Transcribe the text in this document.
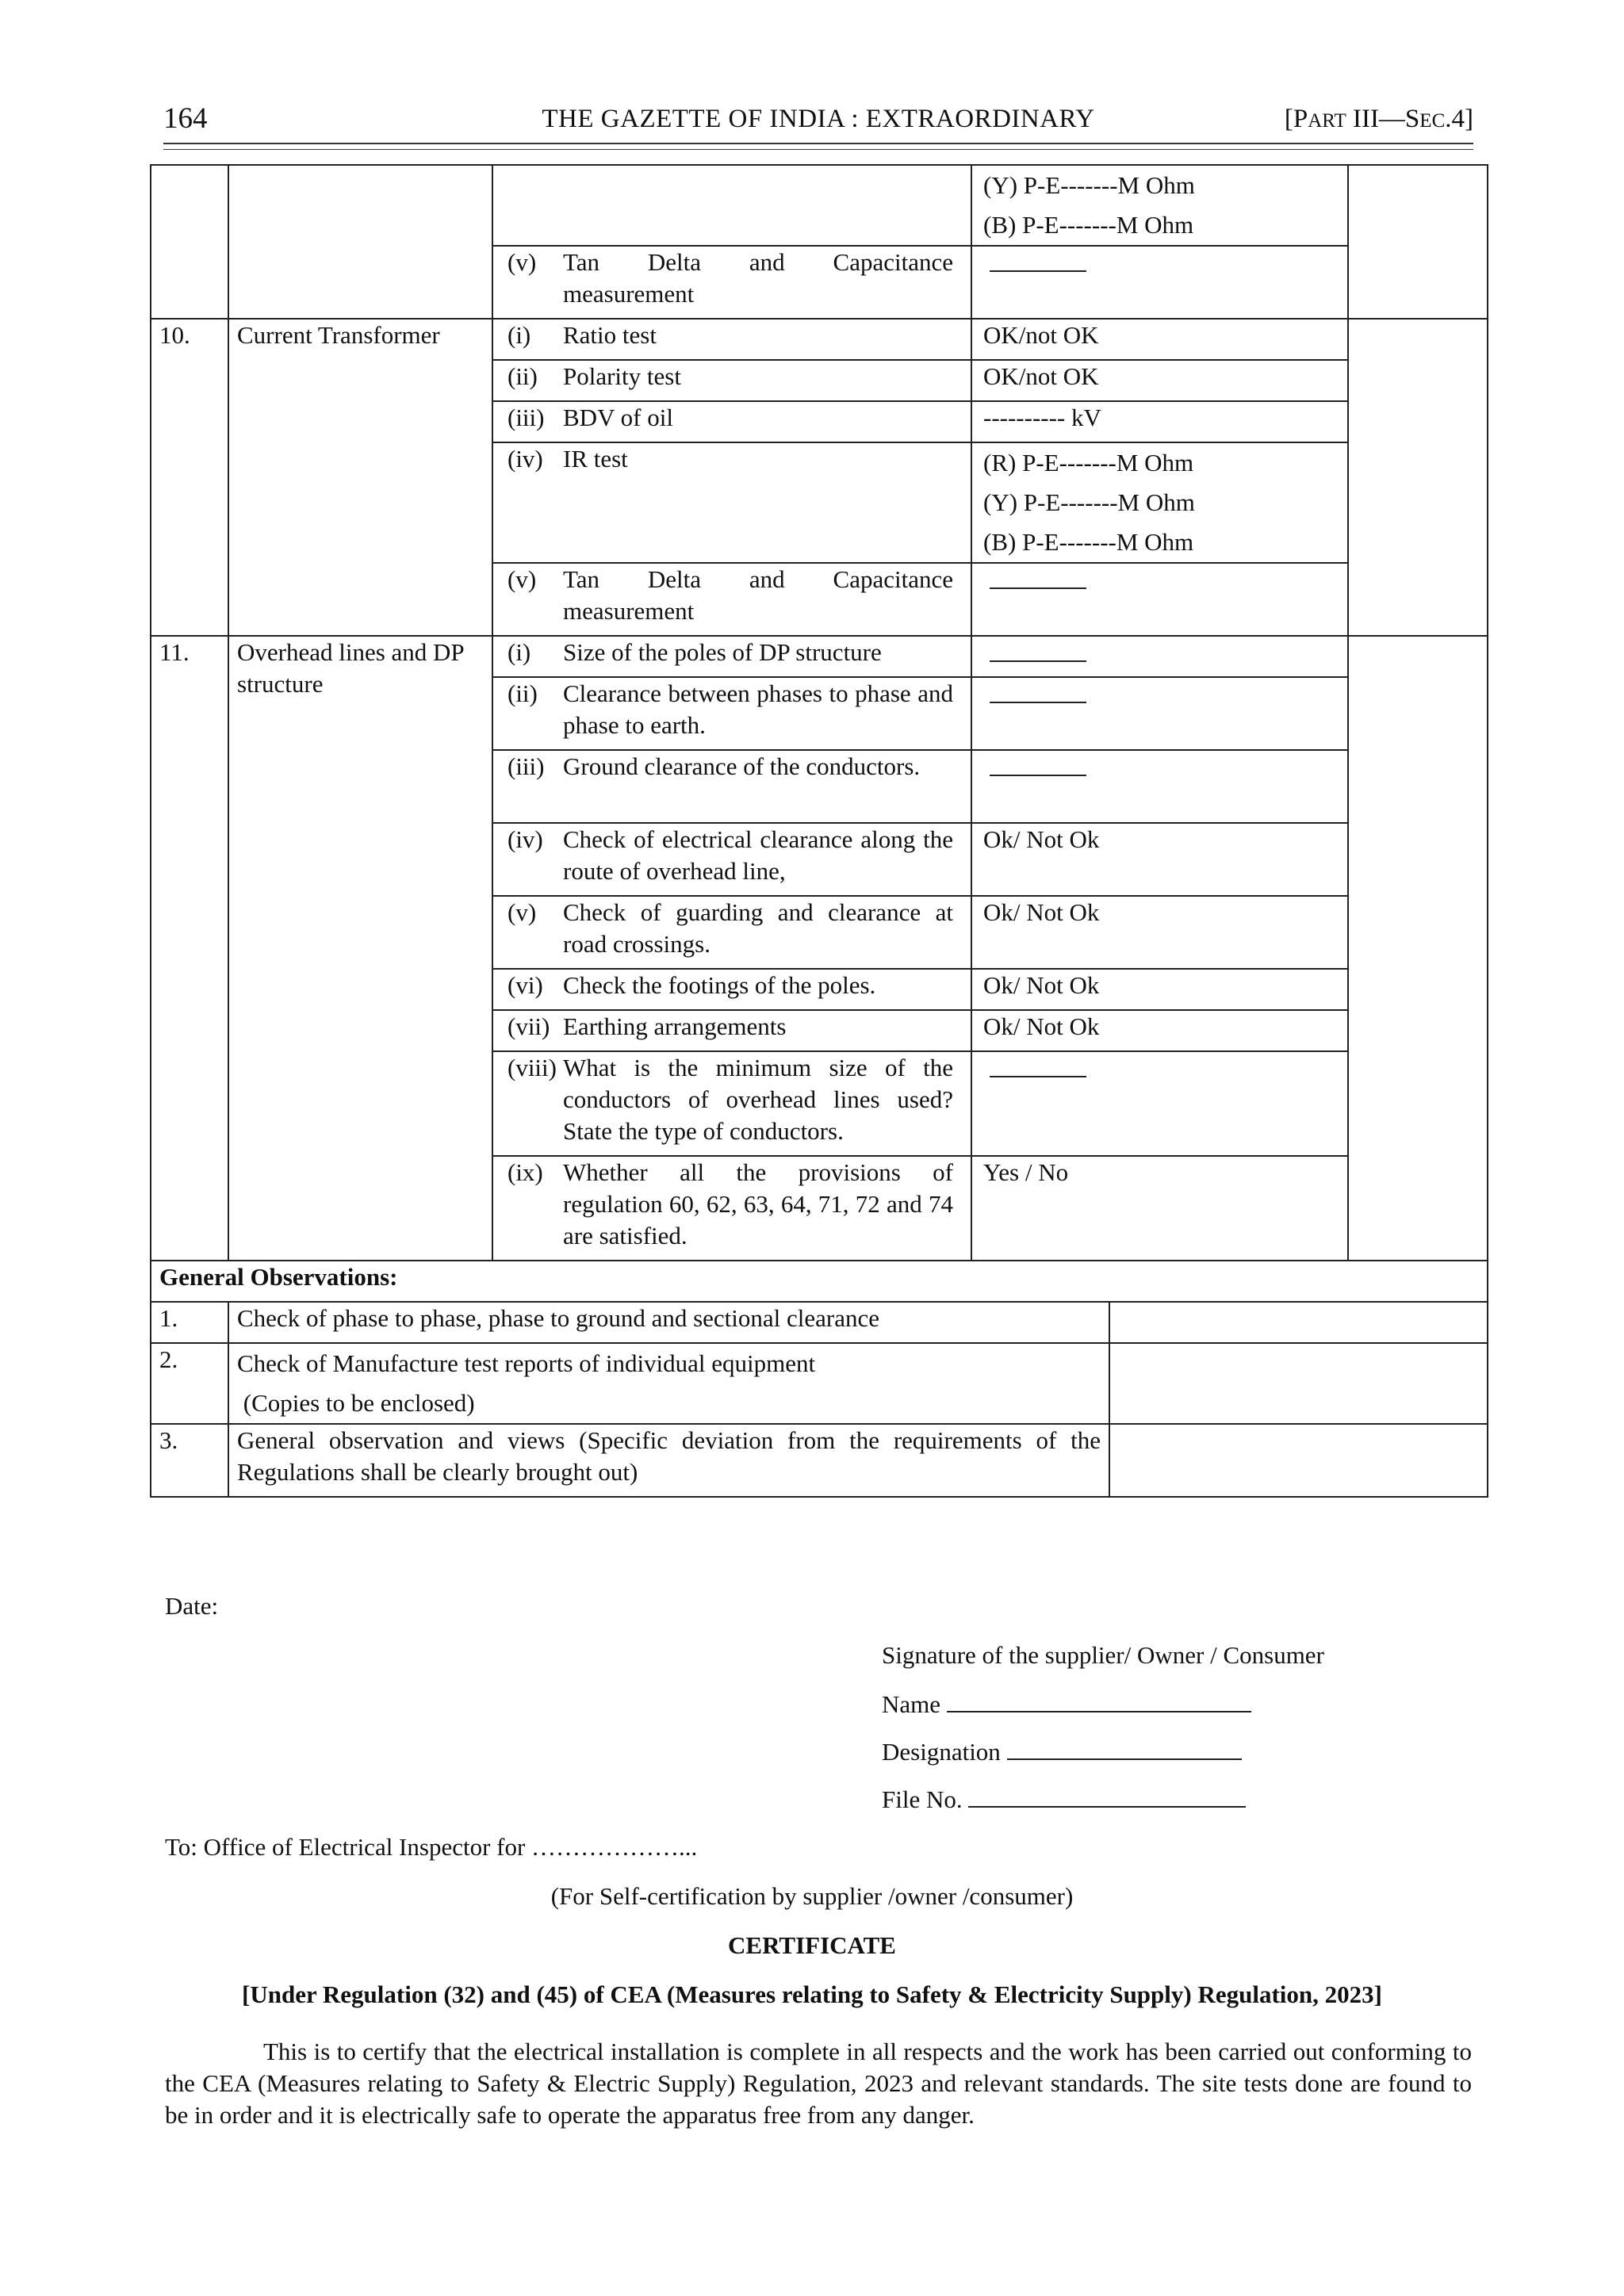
164	THE GAZETTE OF INDIA : EXTRAORDINARY	[PART III—SEC.4]

			(Y) P-E-------M Ohm
(B) P-E-------M Ohm	

		(v) Tan Delta and Capacitance measurement		
10.	Current Transformer	(i) Ratio test	OK/not OK	
		(ii) Polarity test	OK/not OK	
		(iii) BDV of oil	---------- kV	
		(iv) IR test	(R) P-E-------M Ohm
(Y) P-E-------M Ohm
(B) P-E-------M Ohm	

		(v) Tan Delta and Capacitance measurement		
11.	Overhead lines and DP structure	(i) Size of the poles of DP structure		
		(ii) Clearance between phases to phase and phase to earth.		
		(iii) Ground clearance of the conductors.		
		(iv) Check of electrical clearance along the route of overhead line,	Ok/ Not Ok	
		(v) Check of guarding and clearance at road crossings.	Ok/ Not Ok	
		(vi) Check the footings of the poles.	Ok/ Not Ok	
		(vii) Earthing arrangements	Ok/ Not Ok	
		(viii) What is the minimum size of the conductors of overhead lines used? State the type of conductors.		
		(ix) Whether all the provisions of regulation 60, 62, 63, 64, 71, 72 and 74 are satisfied.	Yes / No	
General Observations:		
1.	Check of phase to phase, phase to ground and sectional clearance	
2.	Check of Manufacture test reports of individual equipment
(Copies to be enclosed)	

3.	General observation and views (Specific deviation from the requirements of the Regulations shall be clearly brought out)	
Date:
Signature of the supplier/ Owner / Consumer
Name
Designation
File No.
To: Office of Electrical Inspector for ………………...
(For Self-certification by supplier /owner /consumer)
CERTIFICATE
[Under Regulation (32) and (45) of CEA (Measures relating to Safety & Electricity Supply) Regulation, 2023]
This is to certify that the electrical installation is complete in all respects and the work has been carried out conforming to the CEA (Measures relating to Safety & Electric Supply) Regulation, 2023 and relevant standards. The site tests done are found to be in order and it is electrically safe to operate the apparatus free from any danger.
